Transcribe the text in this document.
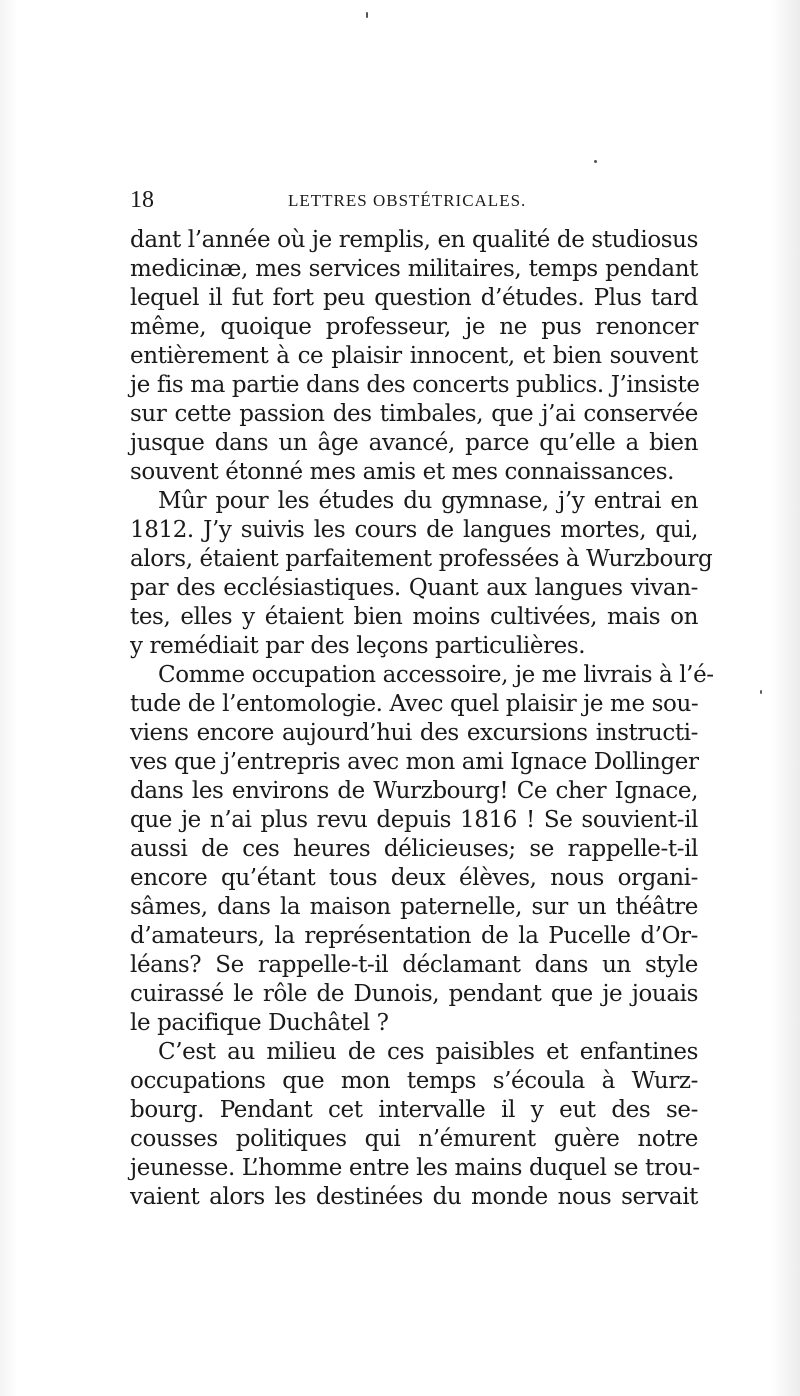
18	LETTRES OBSTÉTRICALES.
dant l’année où je remplis, en qualité de studiosus
medicinæ, mes services militaires, temps pendant
lequel il fut fort peu question d’études. Plus tard
même, quoique professeur, je ne pus renoncer
entièrement à ce plaisir innocent, et bien souvent
je fis ma partie dans des concerts publics. J’insiste
sur cette passion des timbales, que j’ai conservée
jusque dans un âge avancé, parce qu’elle a bien
souvent étonné mes amis et mes connaissances.
Mûr pour les études du gymnase, j’y entrai en
1812. J’y suivis les cours de langues mortes, qui,
alors, étaient parfaitement professées à Wurzbourg
par des ecclésiastiques. Quant aux langues vivan-
tes, elles y étaient bien moins cultivées, mais on
y remédiait par des leçons particulières.
Comme occupation accessoire, je me livrais à l’é-
tude de l’entomologie. Avec quel plaisir je me sou-
viens encore aujourd’hui des excursions instructi-
ves que j’entrepris avec mon ami Ignace Dollinger
dans les environs de Wurzbourg! Ce cher Ignace,
que je n’ai plus revu depuis 1816 ! Se souvient-il
aussi de ces heures délicieuses; se rappelle-t-il
encore qu’étant tous deux élèves, nous organi-
sâmes, dans la maison paternelle, sur un théâtre
d’amateurs, la représentation de la Pucelle d’Or-
léans? Se rappelle-t-il déclamant dans un style
cuirassé le rôle de Dunois, pendant que je jouais
le pacifique Duchâtel ?
C’est au milieu de ces paisibles et enfantines
occupations que mon temps s’écoula à Wurz-
bourg. Pendant cet intervalle il y eut des se-
cousses politiques qui n’émurent guère notre
jeunesse. L’homme entre les mains duquel se trou-
vaient alors les destinées du monde nous servait
